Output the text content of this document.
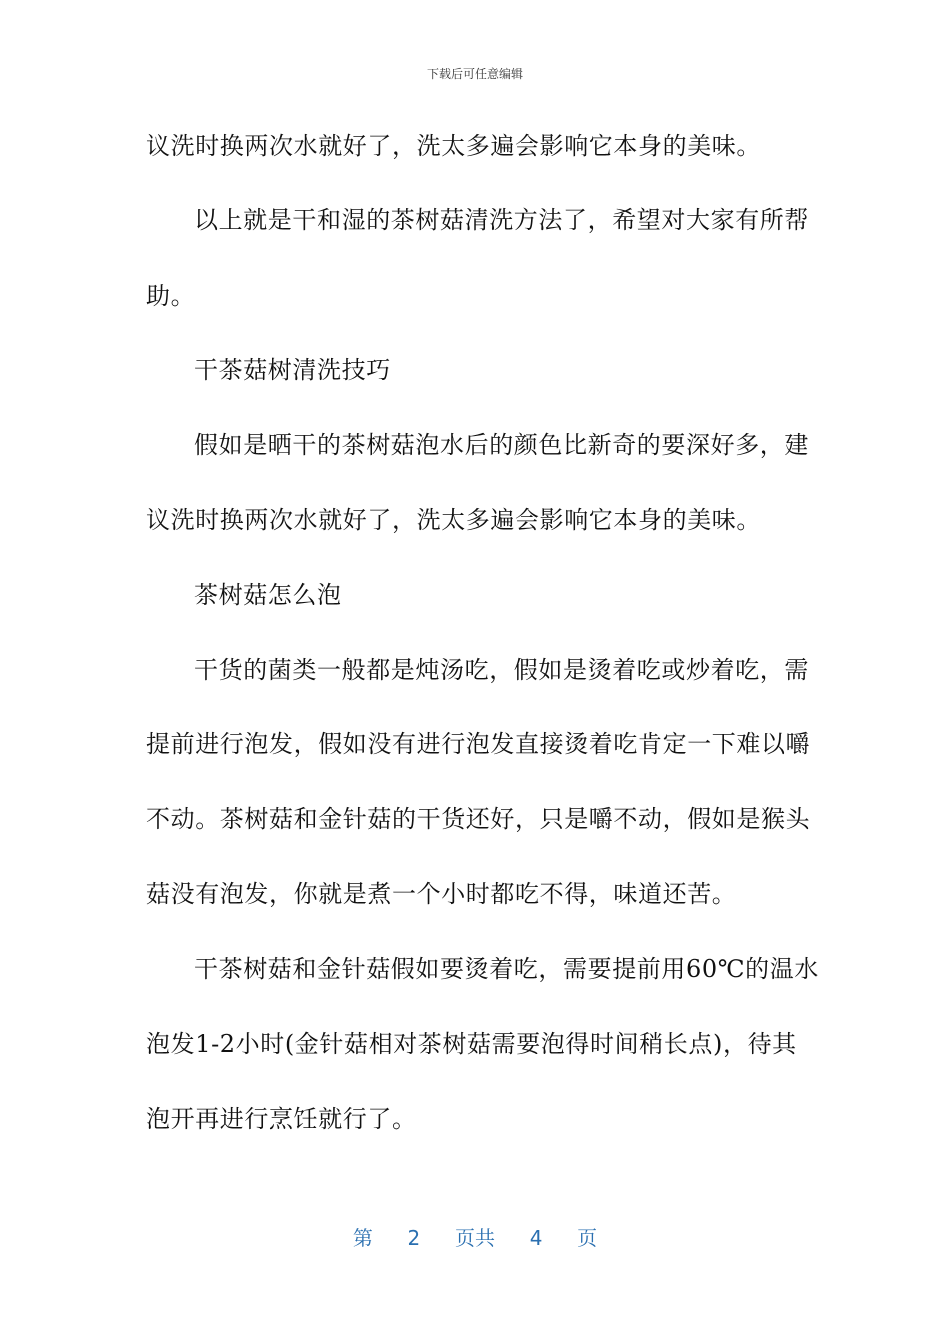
下载后可任意编辑
议洗时换两次水就好了，洗太多遍会影响它本身的美味。
以上就是干和湿的茶树菇清洗方法了，希望对大家有所帮
助。
干茶菇树清洗技巧
假如是晒干的茶树菇泡水后的颜色比新奇的要深好多，建
议洗时换两次水就好了，洗太多遍会影响它本身的美味。
茶树菇怎么泡
干货的菌类一般都是炖汤吃，假如是烫着吃或炒着吃，需
提前进行泡发，假如没有进行泡发直接烫着吃肯定一下难以嚼
不动。茶树菇和金针菇的干货还好，只是嚼不动，假如是猴头
菇没有泡发，你就是煮一个小时都吃不得，味道还苦。
干茶树菇和金针菇假如要烫着吃，需要提前用60℃的温水
泡发1-2小时(金针菇相对茶树菇需要泡得时间稍长点)，待其
泡开再进行烹饪就行了。
第 2 页共 4 页
